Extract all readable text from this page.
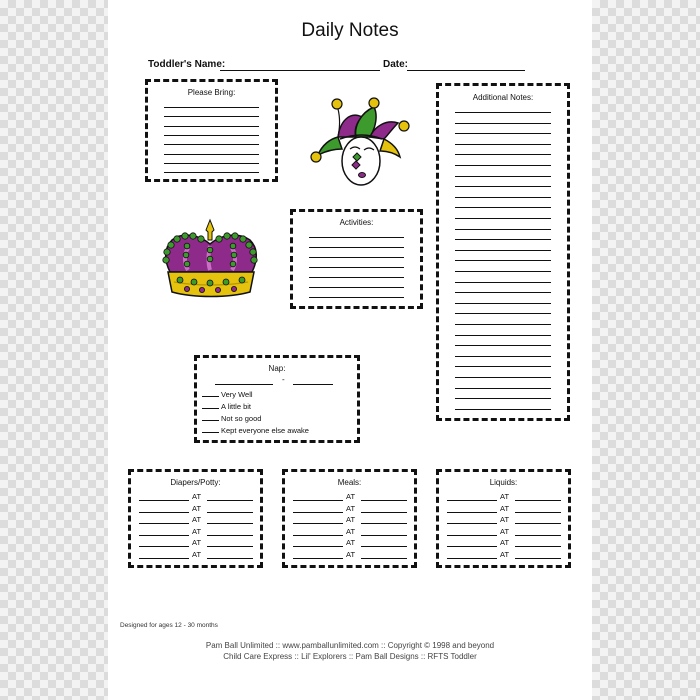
Daily Notes
Toddler's Name:	Date:
Please Bring:
Activities:
Additional Notes:
Nap:
-
Very Well
A little bit
Not so good
Kept everyone else awake
Diapers/Potty:
AT
AT
AT
AT
AT
AT
Meals:
AT
AT
AT
AT
AT
AT
Liquids:
AT
AT
AT
AT
AT
AT
Designed for ages 12 - 30 months
Pam Ball Unlimited :: www.pamballunlimited.com :: Copyright © 1998 and beyond
Child Care Express :: Lil' Explorers :: Pam Ball Designs :: RFTS Toddler
